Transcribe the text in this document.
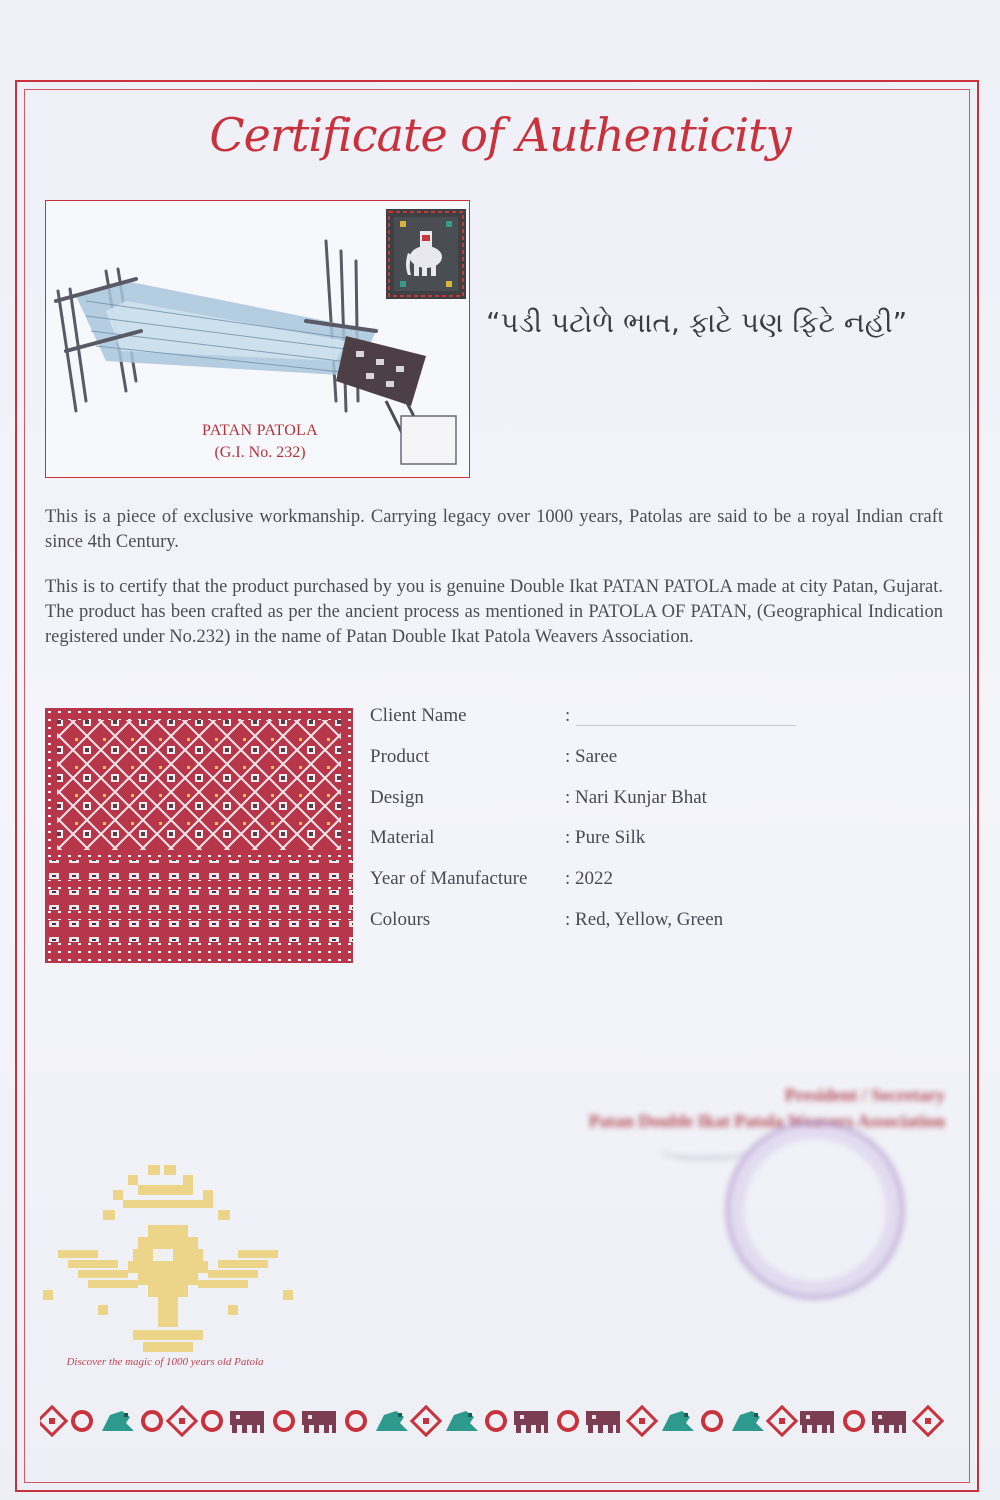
Certificate of Authenticity
PATAN PATOLA
(G.I. No. 232)
“પડી પટોળે ભાત, ફાટે પણ ફિટે નહી”
This is a piece of exclusive workmanship. Carrying legacy over 1000 years, Patolas are said to be a royal Indian craft since 4th Century.
This is to certify that the product purchased by you is genuine Double Ikat PATAN PATOLA made at city Patan, Gujarat. The product has been crafted as per the ancient process as mentioned in PATOLA OF PATAN, (Geographical Indication registered under No.232) in the name of Patan Double Ikat Patola Weavers Association.
Client Name	:
Product	: Saree
Design	: Nari Kunjar Bhat
Material	: Pure Silk
Year of Manufacture : 2022
Colours	: Red, Yellow, Green
President / Secretary
Patan Double Ikat Patola Weavers Association
Discover the magic of 1000 years old Patola
